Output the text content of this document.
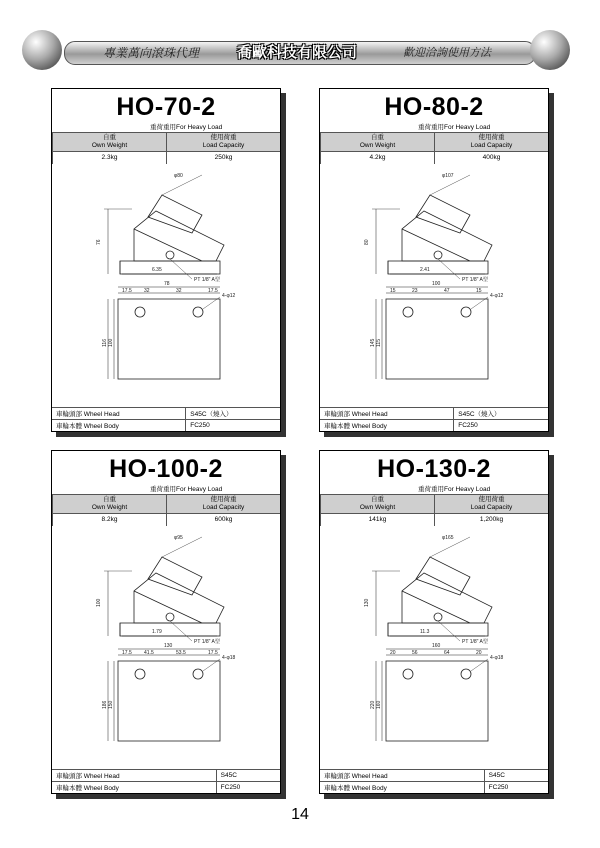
專業萬向滾珠代理	喬歐科技有限公司	歡迎洽詢使用方法
HO-70-2
重荷重用For Heavy Load
自重
Own Weight
使用荷重
Load Capacity
2.3kg	250kg
φ80
76
6.35
PT 1/8" A型
78
17.5 32	32	17.5
4-φ12
116 100
車輪頭部 Wheel Head	S45C（燒入）
車輪本體 Wheel Body	FC250
HO-80-2
重荷重用For Heavy Load
自重
Own Weight
使用荷重
Load Capacity
4.2kg	400kg
φ107
80
2.41
PT 1/8" A型
100
15	23	47	15
4-φ12
145 115
車輪頭部 Wheel Head	S45C（燒入）
車輪本體 Wheel Body	FC250
HO-100-2
重荷重用For Heavy Load
自重
Own Weight
使用荷重
Load Capacity
8.2kg	600kg
φ95
100
1.79
PT 1/8" A型
130
17.5 41.5	53.5	17.5
4-φ18
186 150
車輪頭部 Wheel Head	S45C
車輪本體 Wheel Body	FC250
HO-130-2
重荷重用For Heavy Load
自重
Own Weight
使用荷重
Load Capacity
141kg	1,200kg
φ165
130
11.3
PT 1/8" A型
160
20	56	64	20
4-φ18
220 160
車輪頭部 Wheel Head	S45C
車輪本體 Wheel Body	FC250
14
